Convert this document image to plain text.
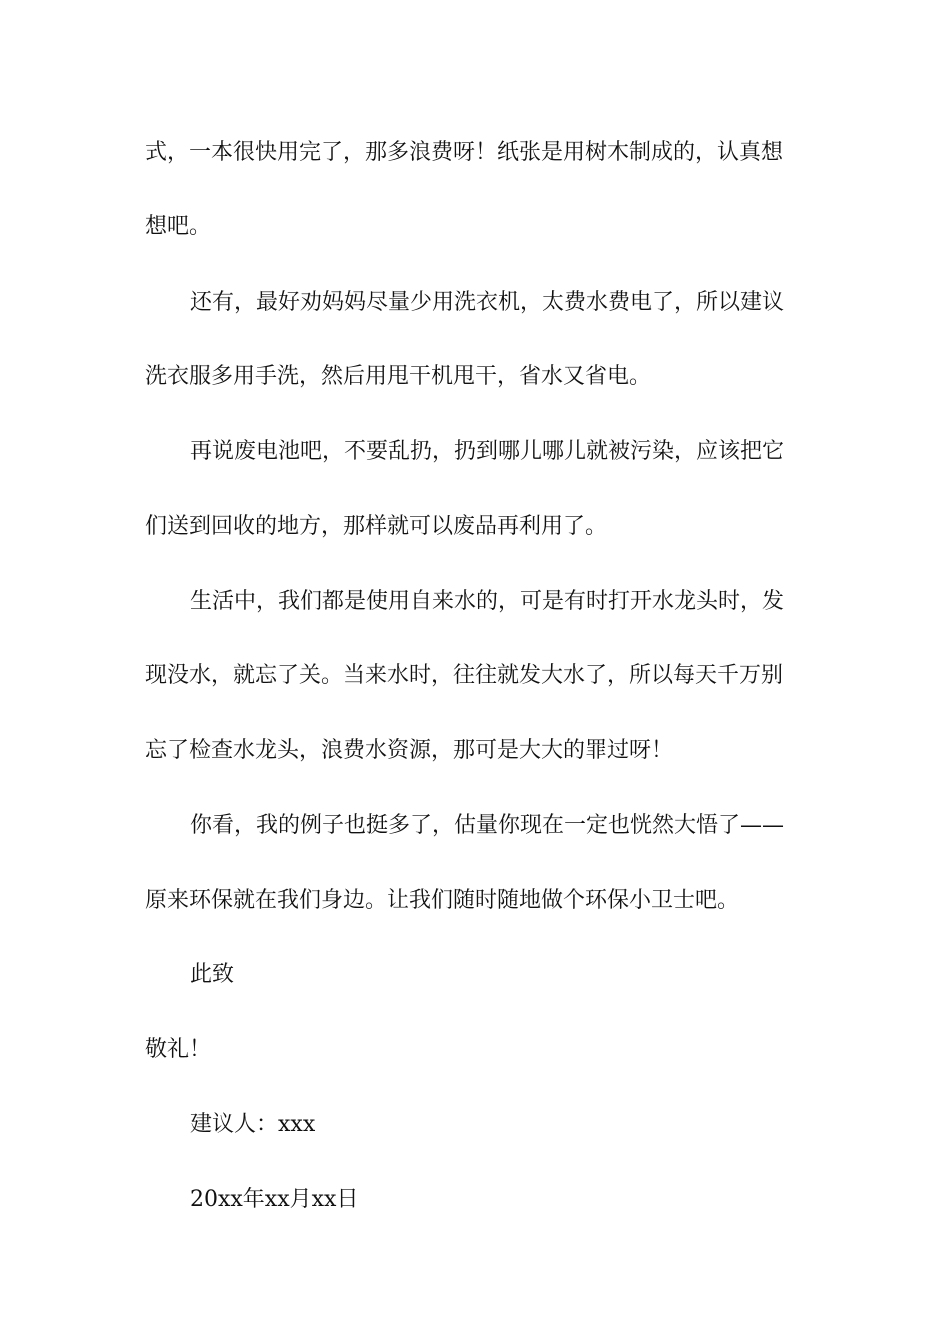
式，一本很快用完了，那多浪费呀！纸张是用树木制成的，认真想
想吧。
还有，最好劝妈妈尽量少用洗衣机，太费水费电了，所以建议
洗衣服多用手洗，然后用甩干机甩干，省水又省电。
再说废电池吧，不要乱扔，扔到哪儿哪儿就被污染，应该把它
们送到回收的地方，那样就可以废品再利用了。
生活中，我们都是使用自来水的，可是有时打开水龙头时，发
现没水，就忘了关。当来水时，往往就发大水了，所以每天千万别
忘了检查水龙头，浪费水资源，那可是大大的罪过呀！
你看，我的例子也挺多了，估量你现在一定也恍然大悟了——
原来环保就在我们身边。让我们随时随地做个环保小卫士吧。
此致
敬礼！
建议人：xxx
20xx年xx月xx日
